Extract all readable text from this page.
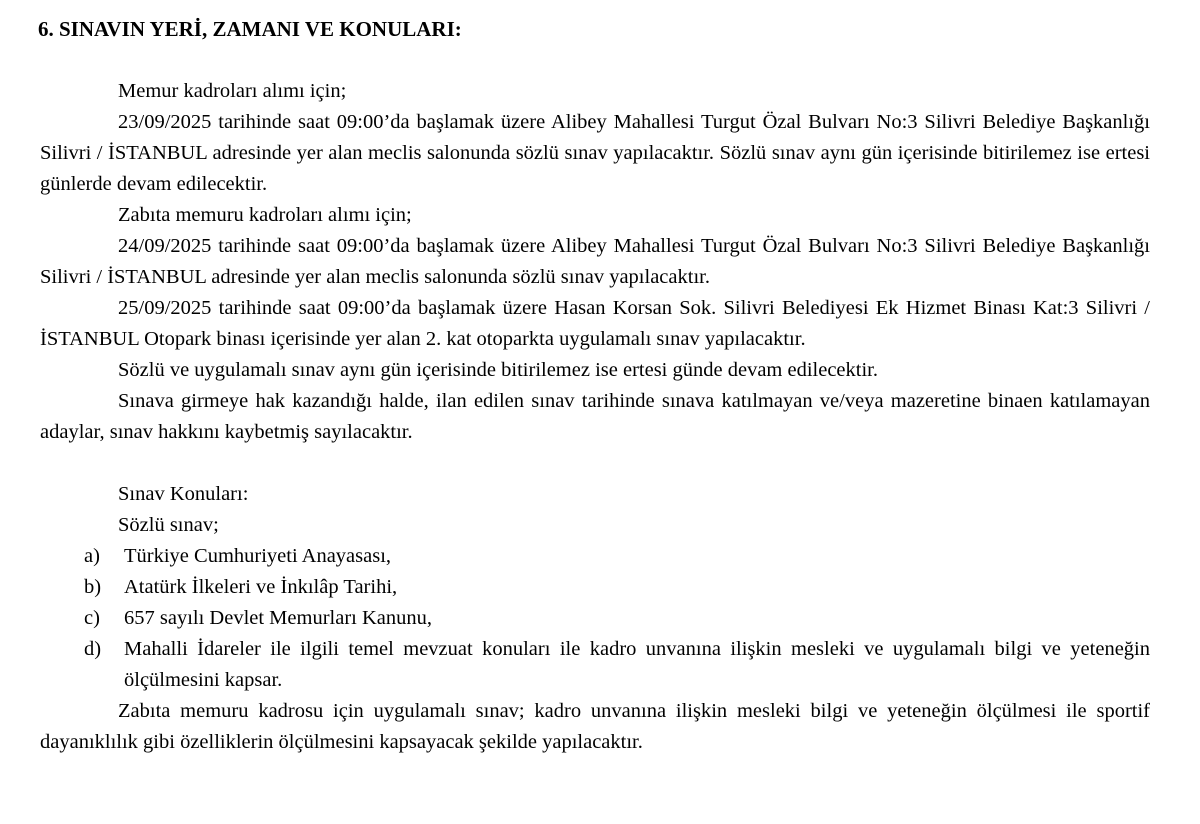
6. SINAVIN YERİ, ZAMANI VE KONULARI:

Memur kadroları alımı için;

23/09/2025 tarihinde saat 09:00’da başlamak üzere Alibey Mahallesi Turgut Özal Bulvarı No:3 Silivri Belediye Başkanlığı Silivri / İSTANBUL adresinde yer alan meclis salonunda sözlü sınav yapılacaktır. Sözlü sınav aynı gün içerisinde bitirilemez ise ertesi günlerde devam edilecektir.

Zabıta memuru kadroları alımı için;

24/09/2025 tarihinde saat 09:00’da başlamak üzere Alibey Mahallesi Turgut Özal Bulvarı No:3 Silivri Belediye Başkanlığı Silivri / İSTANBUL adresinde yer alan meclis salonunda sözlü sınav yapılacaktır.

25/09/2025 tarihinde saat 09:00’da başlamak üzere Hasan Korsan Sok. Silivri Belediyesi Ek Hizmet Binası Kat:3 Silivri / İSTANBUL Otopark binası içerisinde yer alan 2. kat otoparkta uygulamalı sınav yapılacaktır.

Sözlü ve uygulamalı sınav aynı gün içerisinde bitirilemez ise ertesi günde devam edilecektir.

Sınava girmeye hak kazandığı halde, ilan edilen sınav tarihinde sınava katılmayan ve/veya mazeretine binaen katılamayan adaylar, sınav hakkını kaybetmiş sayılacaktır.

Sınav Konuları:

Sözlü sınav;

a)	Türkiye Cumhuriyeti Anayasası,
b)	Atatürk İlkeleri ve İnkılâp Tarihi,
c)	657 sayılı Devlet Memurları Kanunu,
d)	Mahalli İdareler ile ilgili temel mevzuat konuları ile kadro unvanına ilişkin mesleki ve uygulamalı bilgi ve yeteneğin ölçülmesini kapsar.

Zabıta memuru kadrosu için uygulamalı sınav; kadro unvanına ilişkin mesleki bilgi ve yeteneğin ölçülmesi ile sportif dayanıklılık gibi özelliklerin ölçülmesini kapsayacak şekilde yapılacaktır.
